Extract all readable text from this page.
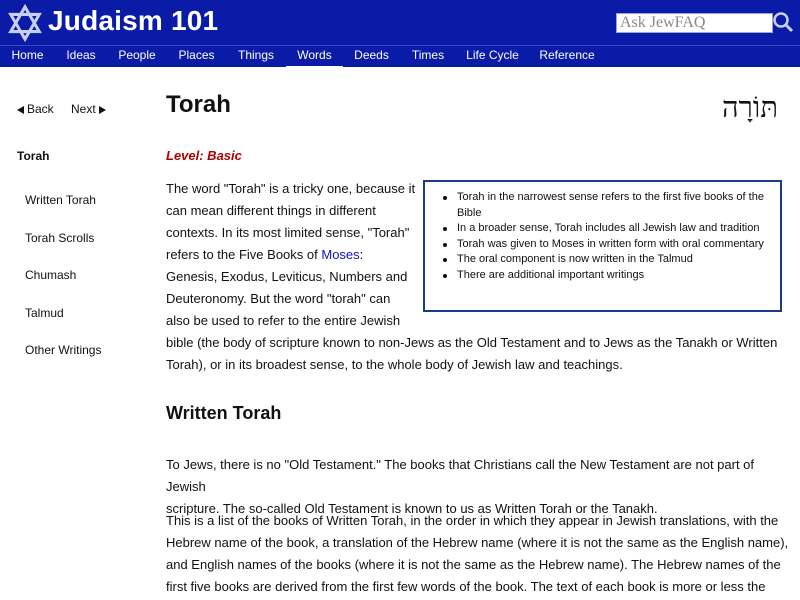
Judaism 101	Ask JewFAQ
Home	Ideas	People	Places	Things	Words	Deeds	Times	Life Cycle	Reference
Back Next
Torah
Written Torah
Torah Scrolls
Chumash
Talmud
Other Writings
Torah	תּוֹרָה
Level: Basic
The word "Torah" is a tricky one, because it
can mean different things in different
contexts. In its most limited sense, "Torah"
refers to the Five Books of Moses:
Genesis, Exodus, Leviticus, Numbers and
Deuteronomy. But the word "torah" can
also be used to refer to the entire Jewish
bible (the body of scripture known to non-Jews as the Old Testament and to Jews as the Tanakh or Written
Torah), or in its broadest sense, to the whole body of Jewish law and teachings.
Torah in the narrowest sense refers to the first five books of the Bible
In a broader sense, Torah includes all Jewish law and tradition
Torah was given to Moses in written form with oral commentary
The oral component is now written in the Talmud
There are additional important writings
Written Torah
To Jews, there is no "Old Testament." The books that Christians call the New Testament are not part of Jewish
scripture. The so-called Old Testament is known to us as Written Torah or the Tanakh.
This is a list of the books of Written Torah, in the order in which they appear in Jewish translations, with the
Hebrew name of the book, a translation of the Hebrew name (where it is not the same as the English name),
and English names of the books (where it is not the same as the Hebrew name). The Hebrew names of the
first five books are derived from the first few words of the book. The text of each book is more or less the
